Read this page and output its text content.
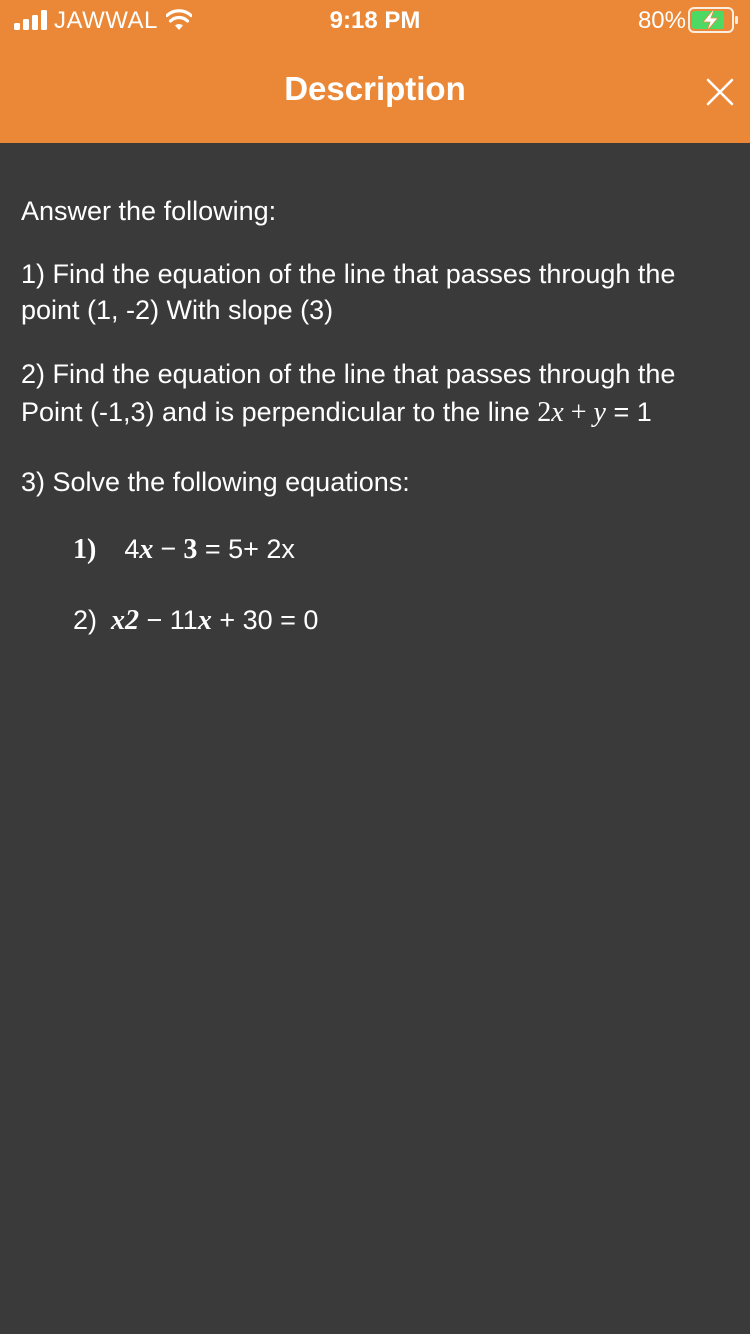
JAWWAL	9:18 PM	80%
Description
Answer the following:
1) Find the equation of the line that passes through the
point (1, -2) With slope (3)
2) Find the equation of the line that passes through the
Point (-1,3) and is perpendicular to the line 2x + y = 1
3) Solve the following equations:
1) 4x − 3 = 5+ 2x
2) x2 − 11x + 30 = 0
